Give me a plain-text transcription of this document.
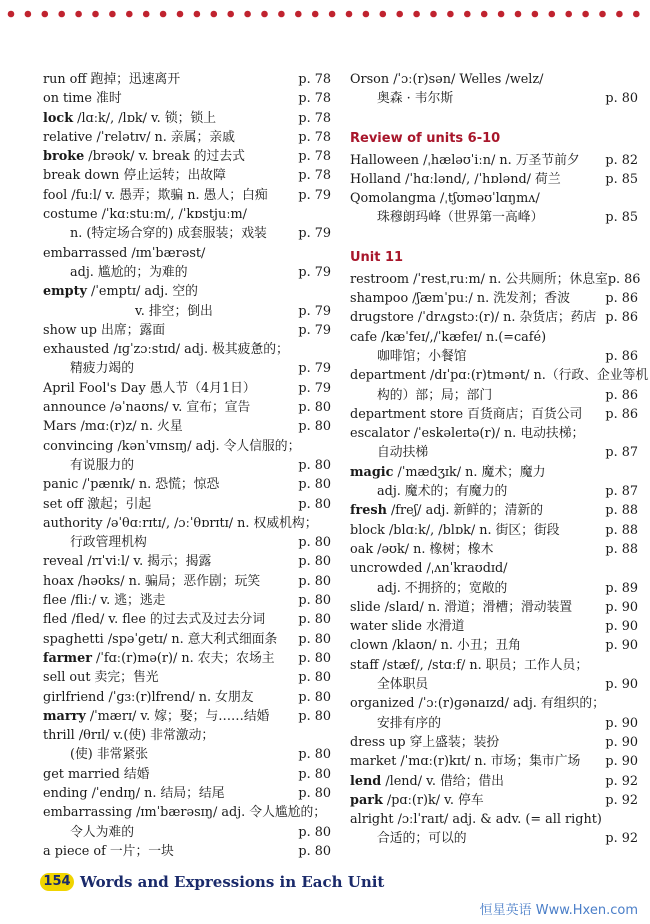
run off 跑掉；迅速离开	p. 78
on time 准时	p. 78
lock /lɑːk/, /lɒk/ v. 锁；锁上	p. 78
relative /ˈrelətɪv/ n. 亲属；亲戚	p. 78
broke /brəʊk/ v. break 的过去式	p. 78
break down 停止运转；出故障	p. 78
fool /fuːl/ v. 愚弄；欺骗 n. 愚人；白痴	p. 79
costume /ˈkɑːstuːm/, /ˈkɒstjuːm/
n. (特定场合穿的) 成套服装；戏装	p. 79
embarrassed /ɪmˈbærəst/
adj. 尴尬的；为难的	p. 79
empty /ˈemptɪ/ adj. 空的
v. 排空；倒出	p. 79
show up 出席；露面	p. 79
exhausted /ɪɡˈzɔːstɪd/ adj. 极其疲惫的；
精疲力竭的	p. 79
April Fool's Day 愚人节（4月1日）	p. 79
announce /əˈnaʊns/ v. 宣布；宣告	p. 80
Mars /mɑː(r)z/ n. 火星	p. 80
convincing /kənˈvɪnsɪŋ/ adj. 令人信服的；
有说服力的	p. 80
panic /ˈpænɪk/ n. 恐慌；惊恐	p. 80
set off 激起；引起	p. 80
authority /əˈθɑːrɪtɪ/, /ɔːˈθɒrɪtɪ/ n. 权威机构；
行政管理机构	p. 80
reveal /rɪˈviːl/ v. 揭示；揭露	p. 80
hoax /həʊks/ n. 骗局；恶作剧；玩笑	p. 80
flee /fliː/ v. 逃；逃走	p. 80
fled /fled/ v. flee 的过去式及过去分词	p. 80
spaghetti /spəˈɡetɪ/ n. 意大利式细面条	p. 80
farmer /ˈfɑː(r)mə(r)/ n. 农夫；农场主	p. 80
sell out 卖完；售光	p. 80
girlfriend /ˈɡɜː(r)lfrend/ n. 女朋友	p. 80
marry /ˈmærɪ/ v. 嫁；娶；与……结婚	p. 80
thrill /θrɪl/ v.(使) 非常激动；
(使) 非常紧张	p. 80
get married 结婚	p. 80
ending /ˈendɪŋ/ n. 结局；结尾	p. 80
embarrassing /ɪmˈbærəsɪŋ/ adj. 令人尴尬的；
令人为难的	p. 80
a piece of 一片；一块	p. 80
Orson /ˈɔː(r)sən/ Welles /welz/
奥森 · 韦尔斯	p. 80
Review of units 6-10
Halloween /ˌhæləʊˈiːn/ n. 万圣节前夕	p. 82
Holland /ˈhɑːlənd/, /ˈhɒlənd/ 荷兰	p. 85
Qomolangma /ˌtʃʊməʊˈlɑŋmʌ/
珠穆朗玛峰（世界第一高峰）	p. 85
Unit 11
restroom /ˈrestˌruːm/ n. 公共厕所；休息室 p. 86
shampoo /ʃæmˈpuː/ n. 洗发剂；香波	p. 86
drugstore /ˈdrʌɡstɔː(r)/ n. 杂货店；药店 p. 86
cafe /kæˈfeɪ/,/ˈkæfeɪ/ n.(=café)
咖啡馆；小餐馆	p. 86
department /dɪˈpɑː(r)tmənt/ n.（行政、企业等机
构的）部；局；部门	p. 86
department store 百货商店；百货公司	p. 86
escalator /ˈeskəleɪtə(r)/ n. 电动扶梯；
自动扶梯	p. 87
magic /ˈmædʒɪk/ n. 魔术；魔力
adj. 魔术的；有魔力的	p. 87
fresh /freʃ/ adj. 新鲜的；清新的	p. 88
block /blɑːk/, /blɒk/ n. 街区；街段	p. 88
oak /əʊk/ n. 橡树；橡木	p. 88
uncrowded /ˌʌnˈkraʊdɪd/
adj. 不拥挤的；宽敞的	p. 89
slide /slaɪd/ n. 滑道；滑槽；滑动装置	p. 90
water slide 水滑道	p. 90
clown /klaʊn/ n. 小丑；丑角	p. 90
staff /stæf/, /stɑːf/ n. 职员；工作人员；
全体职员	p. 90
organized /ˈɔː(r)ɡənaɪzd/ adj. 有组织的；
安排有序的	p. 90
dress up 穿上盛装；装扮	p. 90
market /ˈmɑː(r)kɪt/ n. 市场；集市广场	p. 90
lend /lend/ v. 借给；借出	p. 92
park /pɑː(r)k/ v. 停车	p. 92
alright /ɔːlˈraɪt/ adj. & adv. (= all right)
合适的；可以的	p. 92
154 Words and Expressions in Each Unit
恒星英语 Www.Hxen.com
